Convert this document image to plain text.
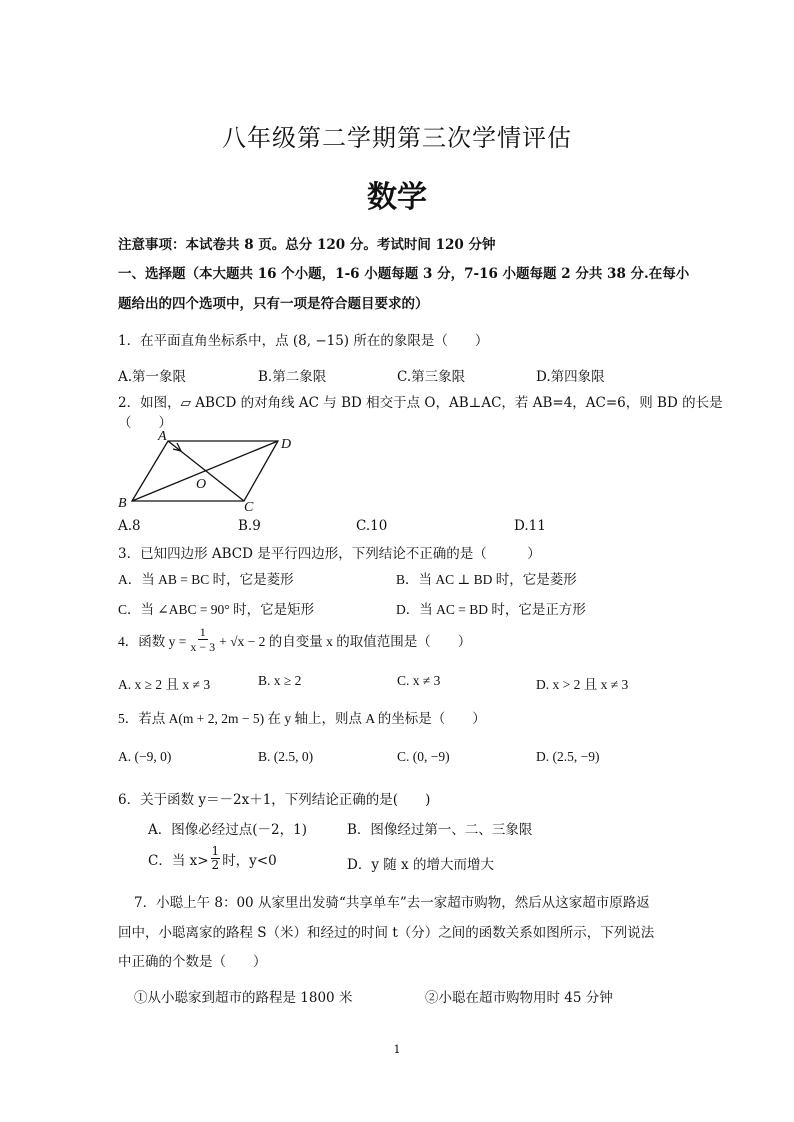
八年级第二学期第三次学情评估
数学
注意事项：本试卷共 8 页。总分 120 分。考试时间 120 分钟
一、选择题（本大题共 16 个小题，1-6 小题每题 3 分，7-16 小题每题 2 分共 38 分.在每小
题给出的四个选项中，只有一项是符合题目要求的）
1．在平面直角坐标系中，点 (8, −15) 所在的象限是（　　）
A.第一象限	B.第二象限	C.第三象限	D.第四象限
2．如图，▱ ABCD 的对角线 AC 与 BD 相交于点 O，AB⊥AC，若 AB=4，AC=6，则 BD 的长是
（　　）
A
B	C
D
O
A.8	B.9	C.10	D.11
3．已知四边形 ABCD 是平行四边形，下列结论不正确的是（　　　）
A．当 AB = BC 时，它是菱形	B．当 AC ⊥ BD 时，它是菱形
C．当 ∠ABC = 90° 时，它是矩形	D．当 AC = BD 时，它是正方形
4．函数 $y = \frac{1}{x - 3} + √x - 2$ 的自变量 x 的取值范围是（　　）
A. x ≥ 2 且 x ≠ 3	B. x ≥ 2	C. x ≠ 3	D. x > 2 且 x ≠ 3
5．若点 A(m + 2, 2m − 5) 在 y 轴上，则点 A 的坐标是（　　）
A. (−9, 0)	B. (2.5, 0)	C. (0, −9)	D. (2.5, −9)
6．关于函数 y＝－2x＋1，下列结论正确的是(　　)
A．图像必经过点(－2，1)	B．图像经过第一、二、三象限
C．当 $x> \frac{1}{2}$ 时，y<0	D．y 随 x 的增大而增大
7．小聪上午 8：00 从家里出发骑“共享单车”去一家超市购物，然后从这家超市原路返
回中，小聪离家的路程 S（米）和经过的时间 t（分）之间的函数关系如图所示，下列说法
中正确的个数是（　　）
①从小聪家到超市的路程是 1800 米	②小聪在超市购物用时 45 分钟
1
